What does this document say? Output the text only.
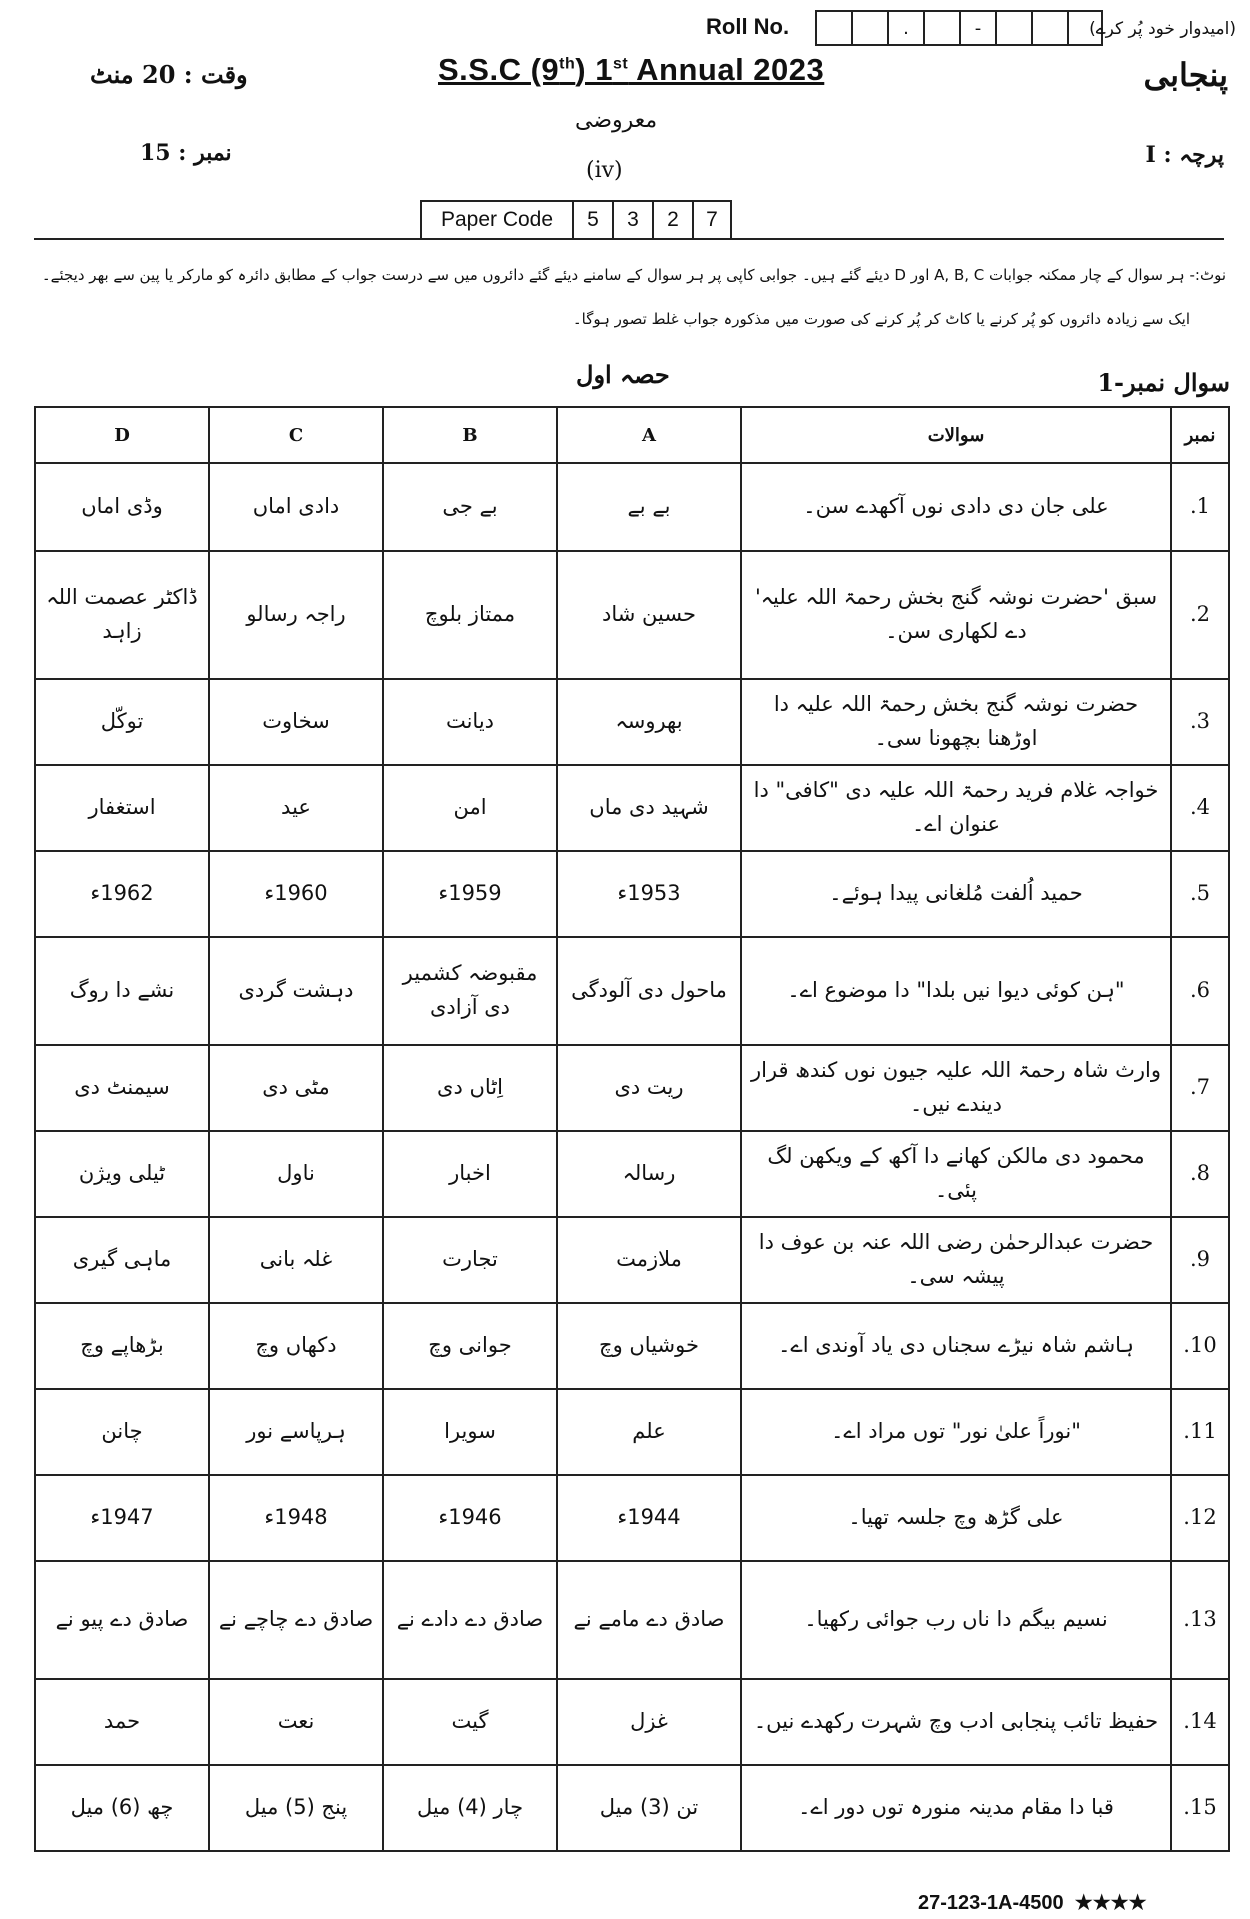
Roll No.	.	-	(امیدوار خود پُر کرے)
S.S.C (9th) 1st Annual 2023	پنجابی
وقت : 20 منٹ
معروضی
نمبر : 15	پرچہ : I
(iv)
Paper Code	5	3	2	7
نوٹ:- ہر سوال کے چار ممکنہ جوابات A, B, C اور D دیئے گئے ہیں۔ جوابی کاپی پر ہر سوال کے سامنے دیئے گئے دائروں میں سے درست جواب کے مطابق دائرہ کو مارکر یا پین سے بھر دیجئے۔
ایک سے زیادہ دائروں کو پُر کرنے یا کاٹ کر پُر کرنے کی صورت میں مذکورہ جواب غلط تصور ہوگا۔
سوال نمبر-1
حصہ اول
D	C	B	A	سوالات	نمبر
وڈی اماں	دادی اماں	بے جی	بے بے	علی جان دی دادی نوں آکھدے سن۔	.1
ڈاکٹر عصمت اللہ زاہد	راجہ رسالو	ممتاز بلوچ	حسین شاد	سبق 'حضرت نوشہ گنج بخش رحمۃ اللہ علیہ' دے لکھاری سن۔	.2
توکّل	سخاوت	دیانت	بھروسہ	حضرت نوشہ گنج بخش رحمۃ اللہ علیہ دا اوڑھنا بچھونا سی۔	.3
استغفار	عید	امن	شہید دی ماں	خواجہ غلام فرید رحمۃ اللہ علیہ دی "کافی" دا عنوان اے۔	.4
1962ء	1960ء	1959ء	1953ء	حمید اُلفت مُلغانی پیدا ہوئے۔	.5
نشے دا روگ	دہشت گردی	مقبوضہ کشمیر دی آزادی	ماحول دی آلودگی	"ہن کوئی دیوا نیں بلدا" دا موضوع اے۔	.6
سیمنٹ دی	مٹی دی	اِٹاں دی	ریت دی	وارث شاہ رحمۃ اللہ علیہ جیون نوں کندھ قرار دیندے نیں۔	.7
ٹیلی ویژن	ناول	اخبار	رسالہ	محمود دی مالکن کھانے دا آکھ کے ویکھن لگ پئی۔	.8
ماہی گیری	غلہ بانی	تجارت	ملازمت	حضرت عبدالرحمٰن رضی اللہ عنہ بن عوف دا پیشہ سی۔	.9
بڑھاپے وچ	دکھاں وچ	جوانی وچ	خوشیاں وچ	ہاشم شاہ نیڑے سجناں دی یاد آوندی اے۔	.10
چانن	ہرپاسے نور	سویرا	علم	"نوراً علیٰ نور" توں مراد اے۔	.11
1947ء	1948ء	1946ء	1944ء	علی گڑھ وچ جلسہ تھیا۔	.12
صادق دے پیو نے	صادق دے چاچے نے	صادق دے دادے نے	صادق دے مامے نے	نسیم بیگم دا ناں رب جوائی رکھیا۔	.13
حمد	نعت	گیت	غزل	حفیظ تائب پنجابی ادب وچ شہرت رکھدے نیں۔	.14
چھ (6) میل	پنج (5) میل	چار (4) میل	تن (3) میل	قبا دا مقام مدینہ منورہ توں دور اے۔	.15
27-123-1A-4500 ★★★★
